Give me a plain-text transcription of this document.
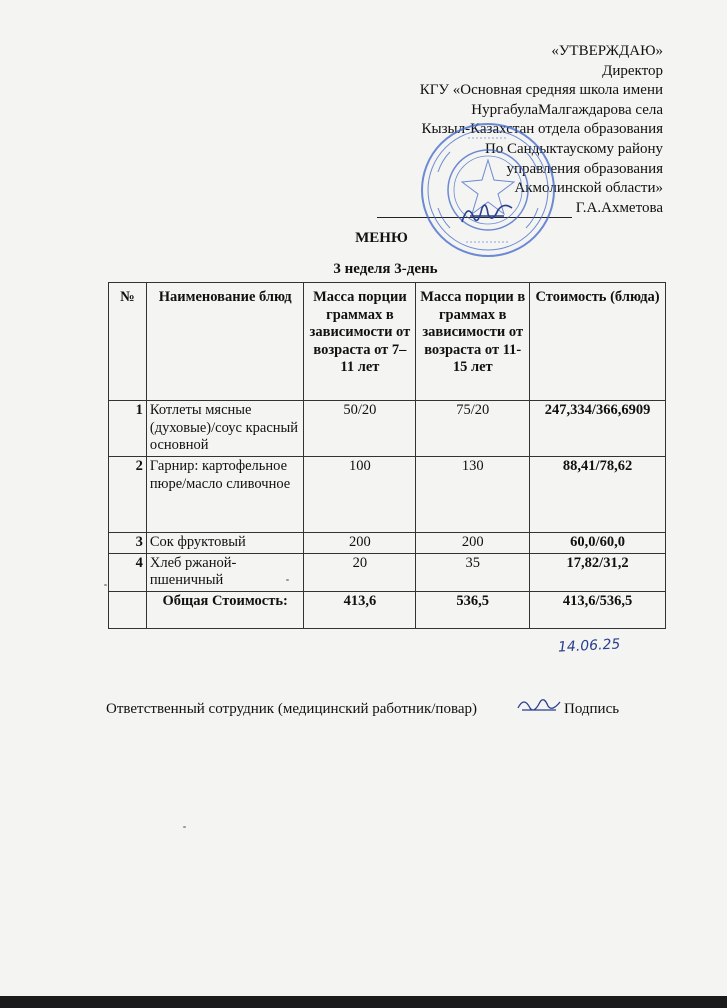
«УТВЕРЖДАЮ»
Директор
КГУ «Основная средняя школа имени
НургабулаМалгаждарова села
Кызыл-Казахстан отдела образования
По Сандыктаускому району
управления образования
Акмолинской области»
Г.А.Ахметова
МЕНЮ
3 неделя 3-день
№	Наименование блюд	Масса порции граммах в зависимости от возраста от 7–11 лет	Масса порции в граммах в зависимости от возраста от 11-15 лет	Стоимость (блюда)
1	Котлеты мясные (духовые)/соус красный основной	50/20	75/20	247,334/366,6909
2	Гарнир: картофельное пюре/масло сливочное	100	130	88,41/78,62
3	Сок фруктовый	200	200	60,0/60,0
4	Хлеб ржаной-пшеничный	20	35	17,82/31,2
	Общая Стоимость:	413,6	536,5	413,6/536,5
14.06.25
Ответственный сотрудник (медицинский работник/повар)	Подпись
